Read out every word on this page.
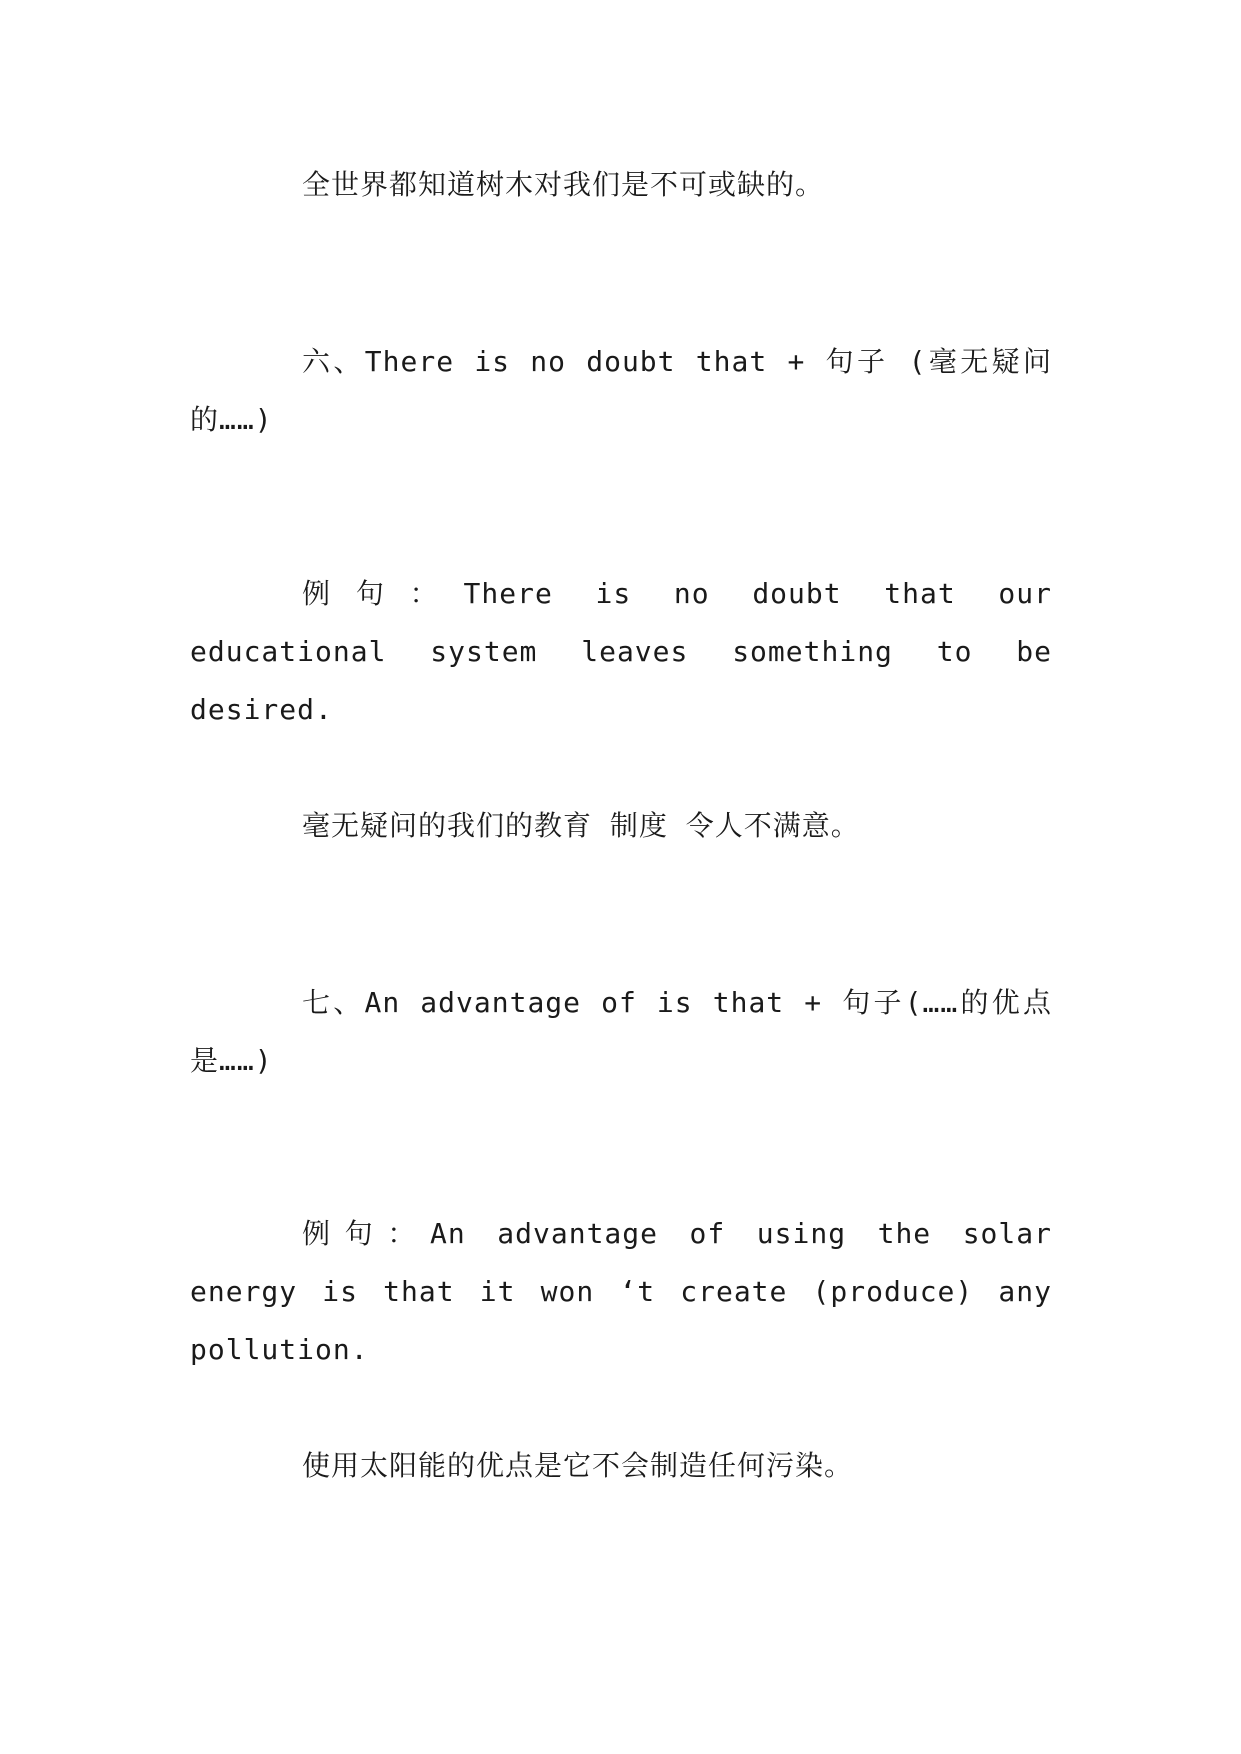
全世界都知道树木对我们是不可或缺的。

六、There is no doubt that + 句子 (毫无疑问的……)

例句：There is no doubt that our educational system leaves something to be desired.

毫无疑问的我们的教育 制度 令人不满意。

七、An advantage of is that + 句子(……的优点是……)

例句：An advantage of using the solar energy is that it won ‘t create (produce) any pollution.

使用太阳能的优点是它不会制造任何污染。
